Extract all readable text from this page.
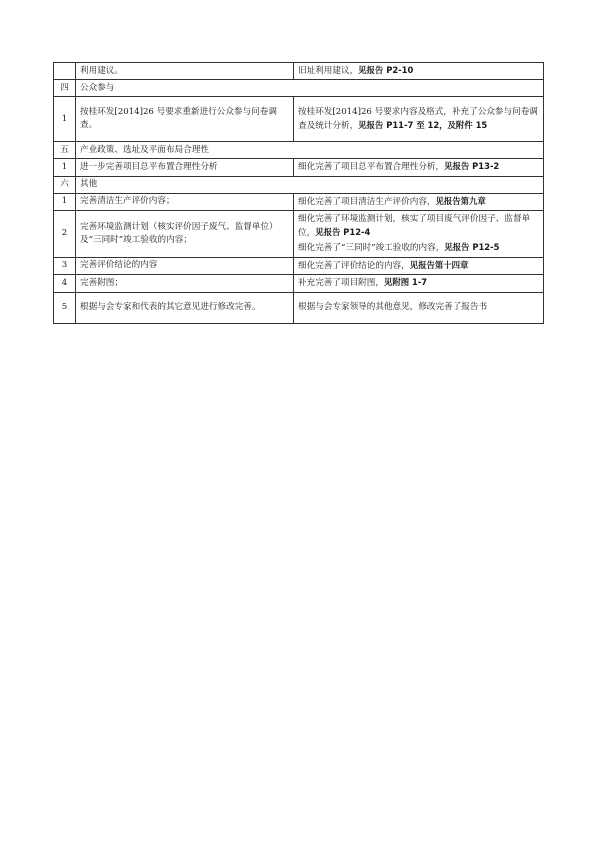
	利用建议。	旧址利用建议，见报告 P2-10
四	公众参与	
1	按桂环发[2014]26 号要求重新进行公众参与问卷调查。	按桂环发[2014]26 号要求内容及格式，补充了公众参与问卷调查及统计分析，见报告 P11-7 至 12，及附件 15
五	产业政策、选址及平面布局合理性	
1	进一步完善项目总平布置合理性分析	细化完善了项目总平布置合理性分析，见报告 P13-2
六	其他	
1	完善清洁生产评价内容；	细化完善了项目清洁生产评价内容，见报告第九章
2	完善环境监测计划（核实评价因子废气、监督单位）及“三同时”竣工验收的内容；	细化完善了环境监测计划，核实了项目废气评价因子、监督单位，见报告 P12-4
细化完善了“三同时”竣工验收的内容，见报告 P12-5

3	完善评价结论的内容	细化完善了评价结论的内容，见报告第十四章
4	完善附图；	补充完善了项目附图，见附图 1-7
5	根据与会专家和代表的其它意见进行修改完善。	根据与会专家领导的其他意见，修改完善了报告书
